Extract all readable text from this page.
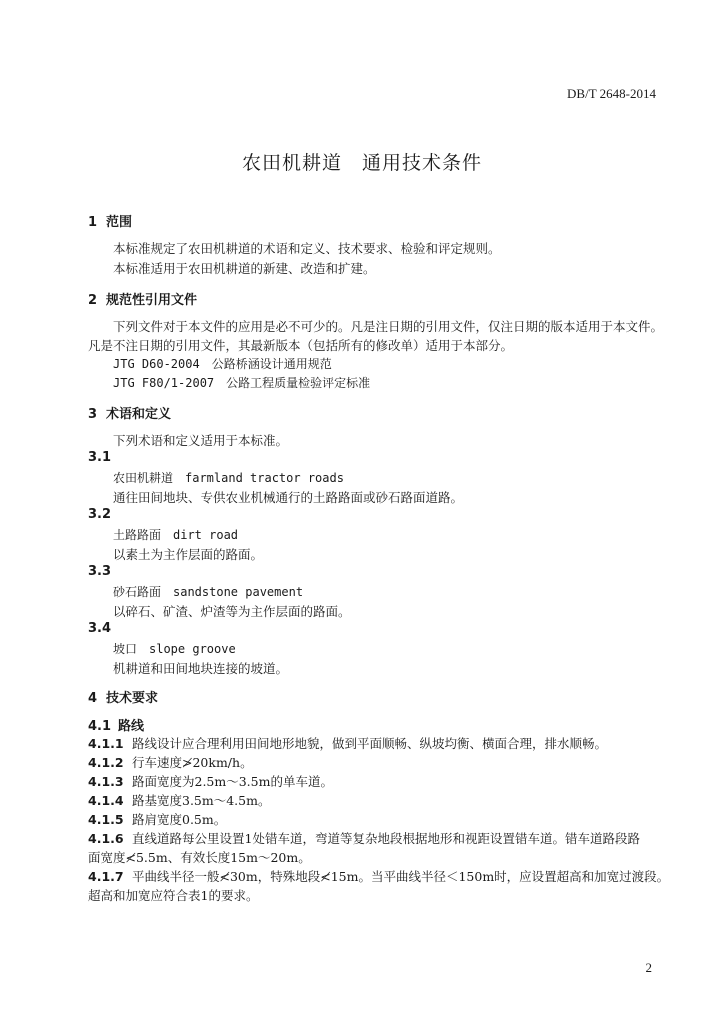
DB/T 2648-2014
农田机耕道　通用技术条件
1 范围
本标准规定了农田机耕道的术语和定义、技术要求、检验和评定规则。
本标准适用于农田机耕道的新建、改造和扩建。
2 规范性引用文件
下列文件对于本文件的应用是必不可少的。凡是注日期的引用文件，仅注日期的版本适用于本文件。
凡是不注日期的引用文件，其最新版本（包括所有的修改单）适用于本部分。
JTG D60-2004　公路桥涵设计通用规范
JTG F80/1-2007　公路工程质量检验评定标准
3 术语和定义
下列术语和定义适用于本标准。
3.1
农田机耕道　farmland tractor roads
通往田间地块、专供农业机械通行的土路路面或砂石路面道路。
3.2
土路路面　dirt road
以素土为主作层面的路面。
3.3
砂石路面　sandstone pavement
以碎石、矿渣、炉渣等为主作层面的路面。
3.4
坡口　slope groove
机耕道和田间地块连接的坡道。
4 技术要求
4.1 路线
4.1.1 路线设计应合理利用田间地形地貌，做到平面顺畅、纵坡均衡、横面合理，排水顺畅。
4.1.2 行车速度≯20km/h。
4.1.3 路面宽度为2.5m～3.5m的单车道。
4.1.4 路基宽度3.5m～4.5m。
4.1.5 路肩宽度0.5m。
4.1.6 直线道路每公里设置1处错车道，弯道等复杂地段根据地形和视距设置错车道。错车道路段路
面宽度≮5.5m、有效长度15m～20m。
4.1.7 平曲线半径一般≮30m，特殊地段≮15m。当平曲线半径＜150m时，应设置超高和加宽过渡段。
超高和加宽应符合表1的要求。
2
